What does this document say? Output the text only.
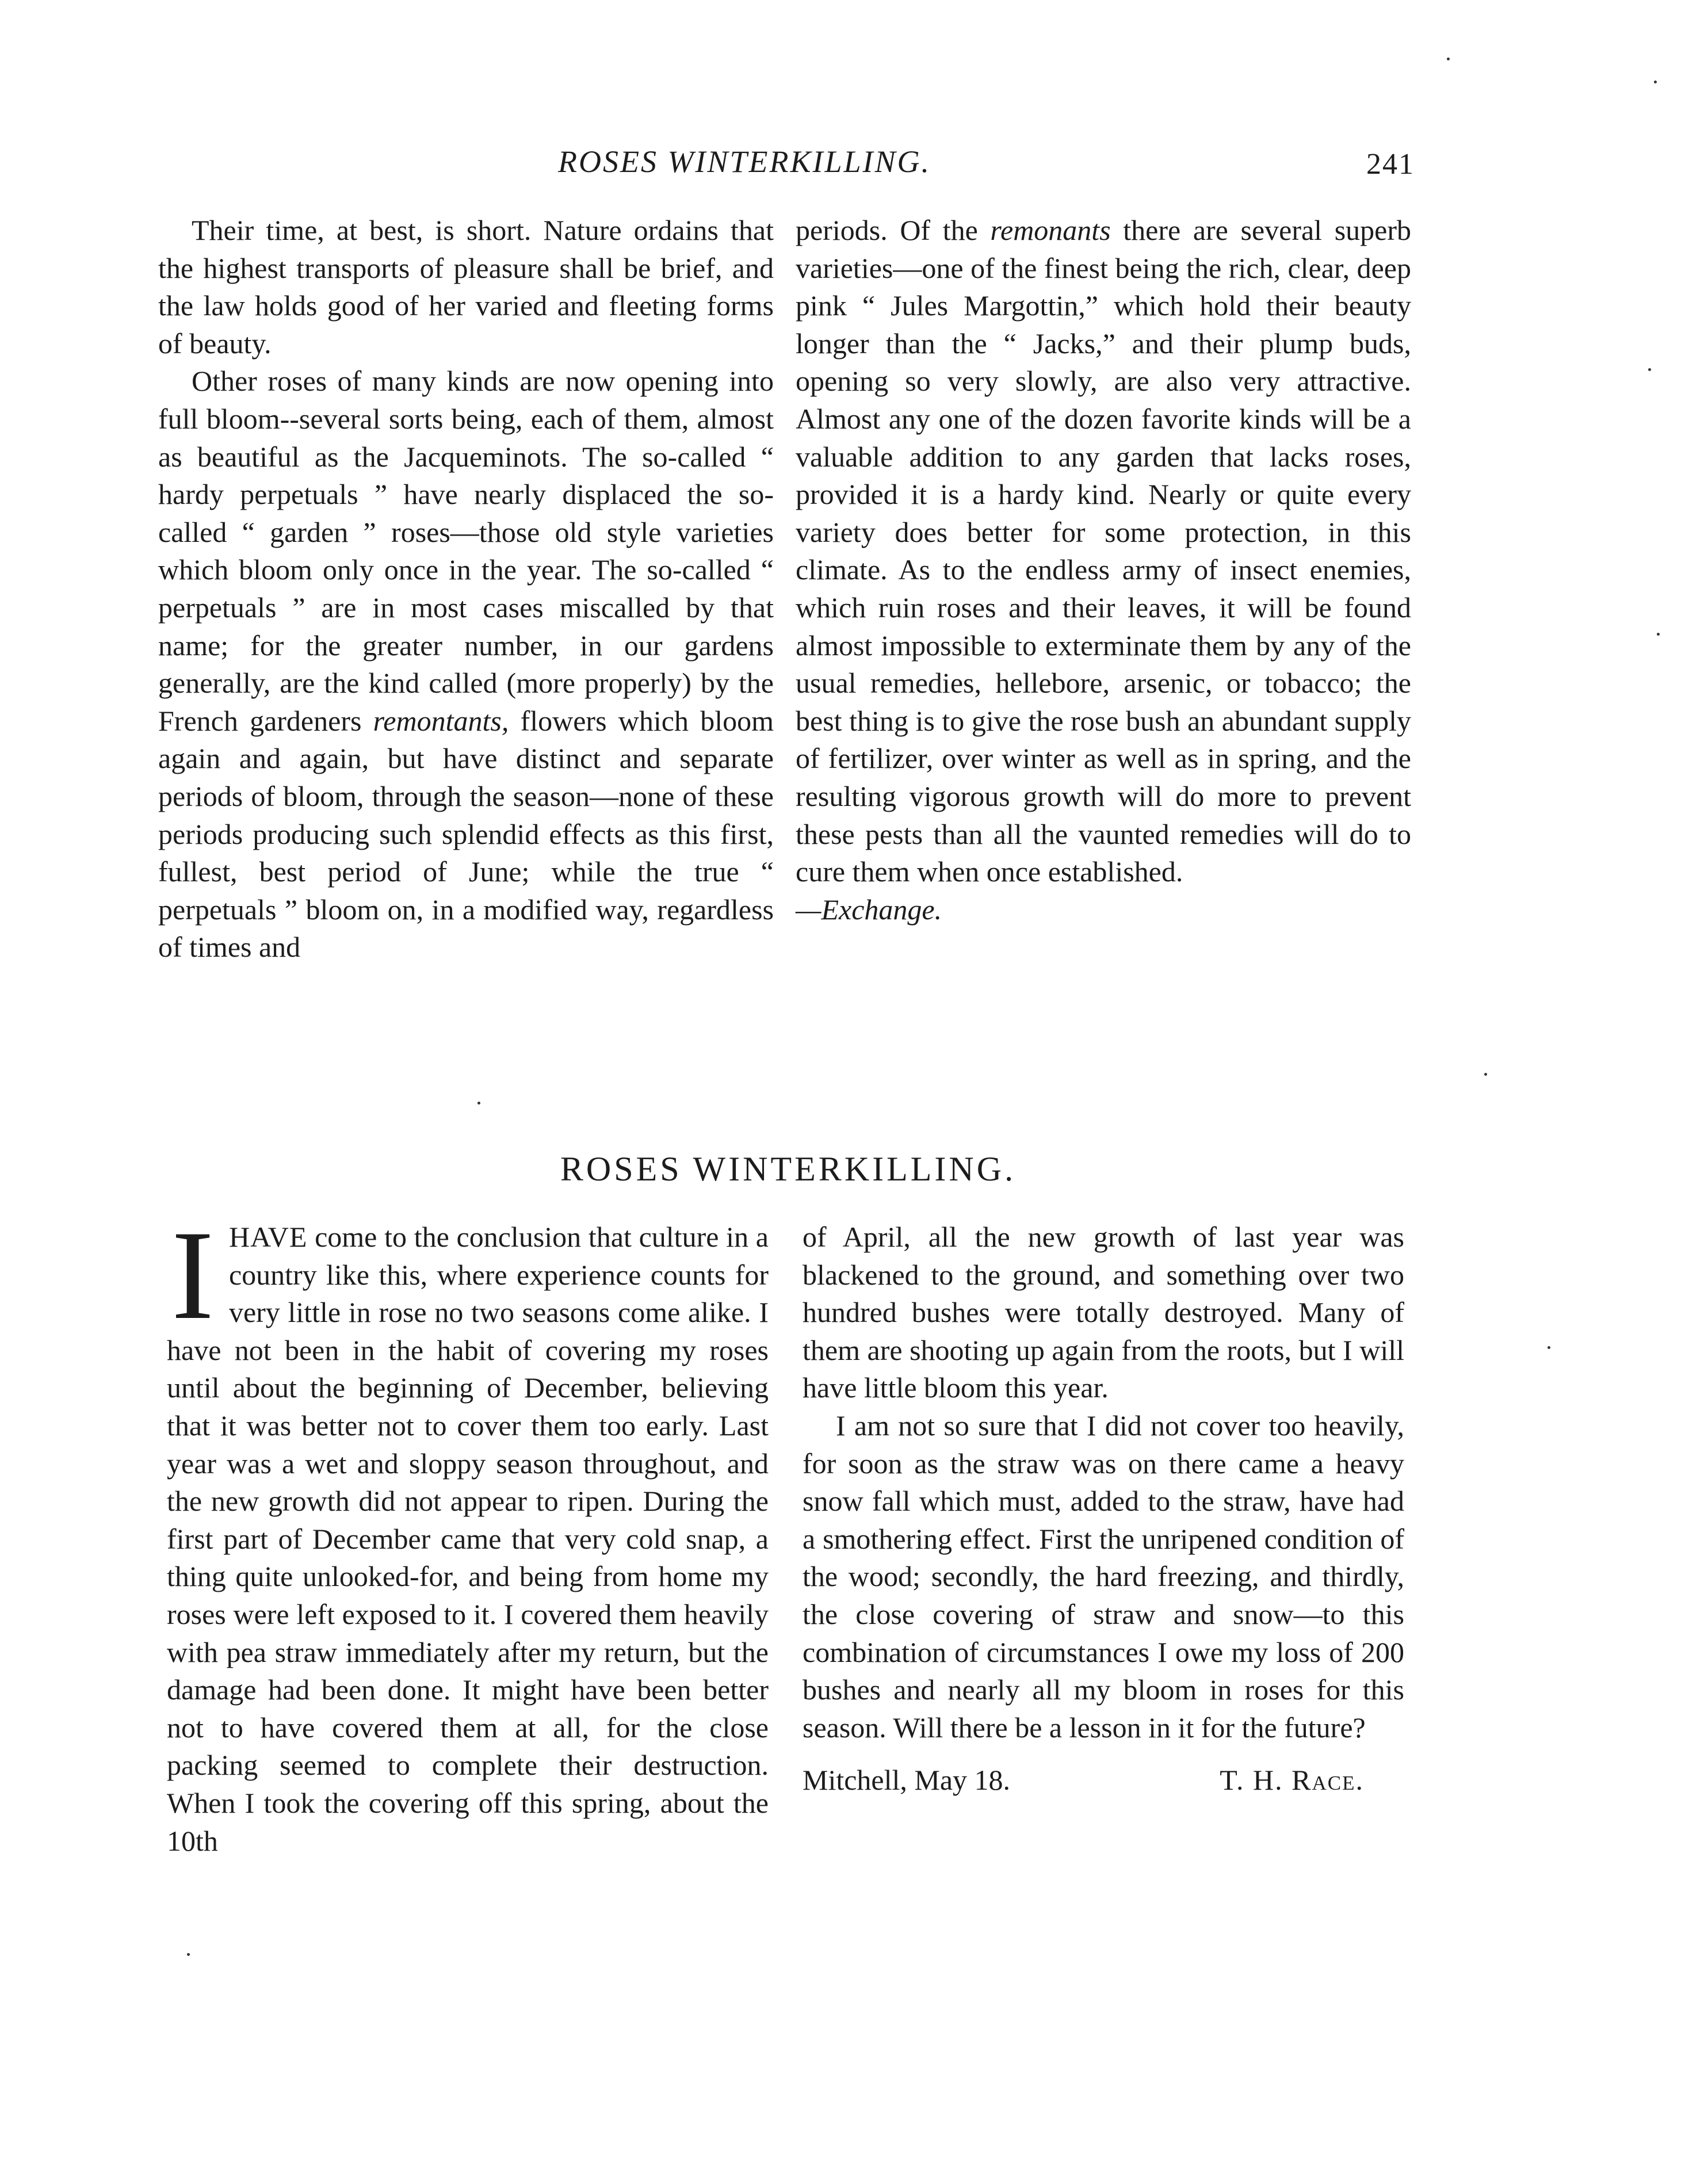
ROSES WINTERKILLING.	241

Their time, at best, is short. Nature ordains that the highest transports of pleasure shall be brief, and the law holds good of her varied and fleeting forms of beauty.

Other roses of many kinds are now opening into full bloom--several sorts being, each of them, almost as beautiful as the Jacqueminots. The so-called “ hardy perpetuals ” have nearly displaced the so-called “ garden ” roses—those old style varieties which bloom only once in the year. The so-called “ perpetuals ” are in most cases miscalled by that name; for the greater number, in our gardens generally, are the kind called (more properly) by the French gardeners remontants, flowers which bloom again and again, but have distinct and separate periods of bloom, through the season—none of these periods producing such splendid effects as this first, fullest, best period of June; while the true “ perpetuals ” bloom on, in a modified way, regardless of times and

periods. Of the remonants there are several superb varieties—one of the finest being the rich, clear, deep pink “ Jules Margottin,” which hold their beauty longer than the “ Jacks,” and their plump buds, opening so very slowly, are also very attractive. Almost any one of the dozen favorite kinds will be a valuable addition to any garden that lacks roses, provided it is a hardy kind. Nearly or quite every variety does better for some protection, in this climate. As to the endless army of insect enemies, which ruin roses and their leaves, it will be found almost impossible to exterminate them by any of the usual remedies, hellebore, arsenic, or tobacco; the best thing is to give the rose bush an abundant supply of fertilizer, over winter as well as in spring, and the resulting vigorous growth will do more to prevent these pests than all the vaunted remedies will do to cure them when once established.

—Exchange.

ROSES WINTERKILLING.

IHAVE come to the conclusion that culture in a country like this, where experience counts for very little in rose no two seasons come alike. I have not been in the habit of covering my roses until about the beginning of December, believing that it was better not to cover them too early. Last year was a wet and sloppy season throughout, and the new growth did not appear to ripen. During the first part of December came that very cold snap, a thing quite unlooked-for, and being from home my roses were left exposed to it. I covered them heavily with pea straw immediately after my return, but the damage had been done. It might have been better not to have covered them at all, for the close packing seemed to complete their destruction. When I took the covering off this spring, about the 10th

of April, all the new growth of last year was blackened to the ground, and something over two hundred bushes were totally destroyed. Many of them are shooting up again from the roots, but I will have little bloom this year.

I am not so sure that I did not cover too heavily, for soon as the straw was on there came a heavy snow fall which must, added to the straw, have had a smothering effect. First the unripened condition of the wood; secondly, the hard freezing, and thirdly, the close covering of straw and snow—to this combination of circumstances I owe my loss of 200 bushes and nearly all my bloom in roses for this season. Will there be a lesson in it for the future?

Mitchell, May 18.	T. H. Race.
